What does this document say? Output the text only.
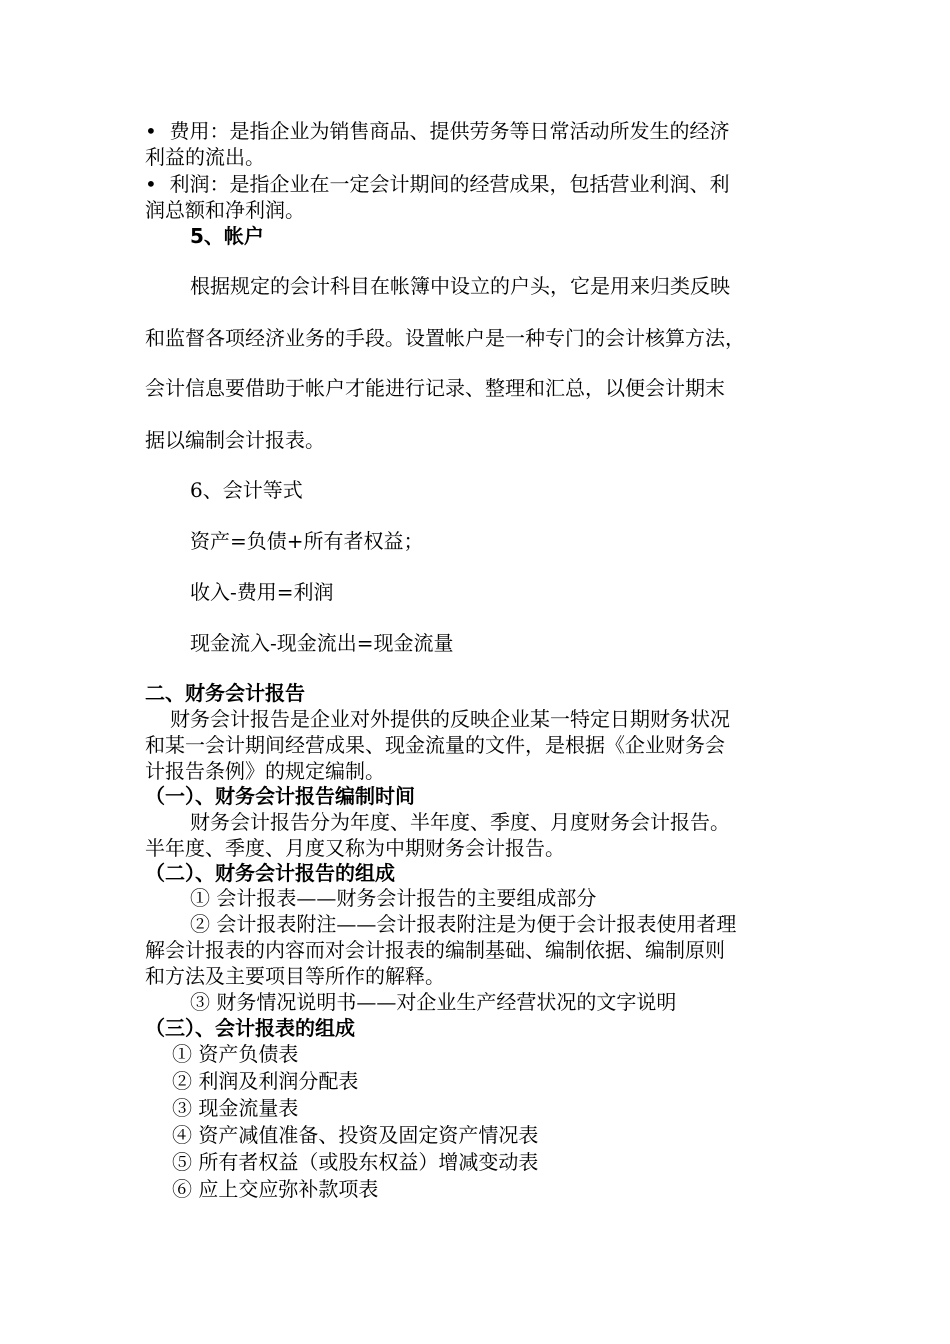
• 费用：是指企业为销售商品、提供劳务等日常活动所发生的经济
利益的流出。
• 利润：是指企业在一定会计期间的经营成果，包括营业利润、利
润总额和净利润。
5、帐户
根据规定的会计科目在帐簿中设立的户头，它是用来归类反映
和监督各项经济业务的手段。设置帐户是一种专门的会计核算方法，
会计信息要借助于帐户才能进行记录、整理和汇总，以便会计期末
据以编制会计报表。
6、会计等式
资产=负债+所有者权益；
收入-费用=利润
现金流入-现金流出=现金流量
二、财务会计报告
财务会计报告是企业对外提供的反映企业某一特定日期财务状况
和某一会计期间经营成果、现金流量的文件，是根据《企业财务会
计报告条例》的规定编制。
（一）、财务会计报告编制时间
财务会计报告分为年度、半年度、季度、月度财务会计报告。
半年度、季度、月度又称为中期财务会计报告。
（二）、财务会计报告的组成
① 会计报表——财务会计报告的主要组成部分
② 会计报表附注——会计报表附注是为便于会计报表使用者理
解会计报表的内容而对会计报表的编制基础、编制依据、编制原则
和方法及主要项目等所作的解释。
③ 财务情况说明书——对企业生产经营状况的文字说明
（三）、会计报表的组成
① 资产负债表
② 利润及利润分配表
③ 现金流量表
④ 资产减值准备、投资及固定资产情况表
⑤ 所有者权益（或股东权益）增减变动表
⑥ 应上交应弥补款项表
